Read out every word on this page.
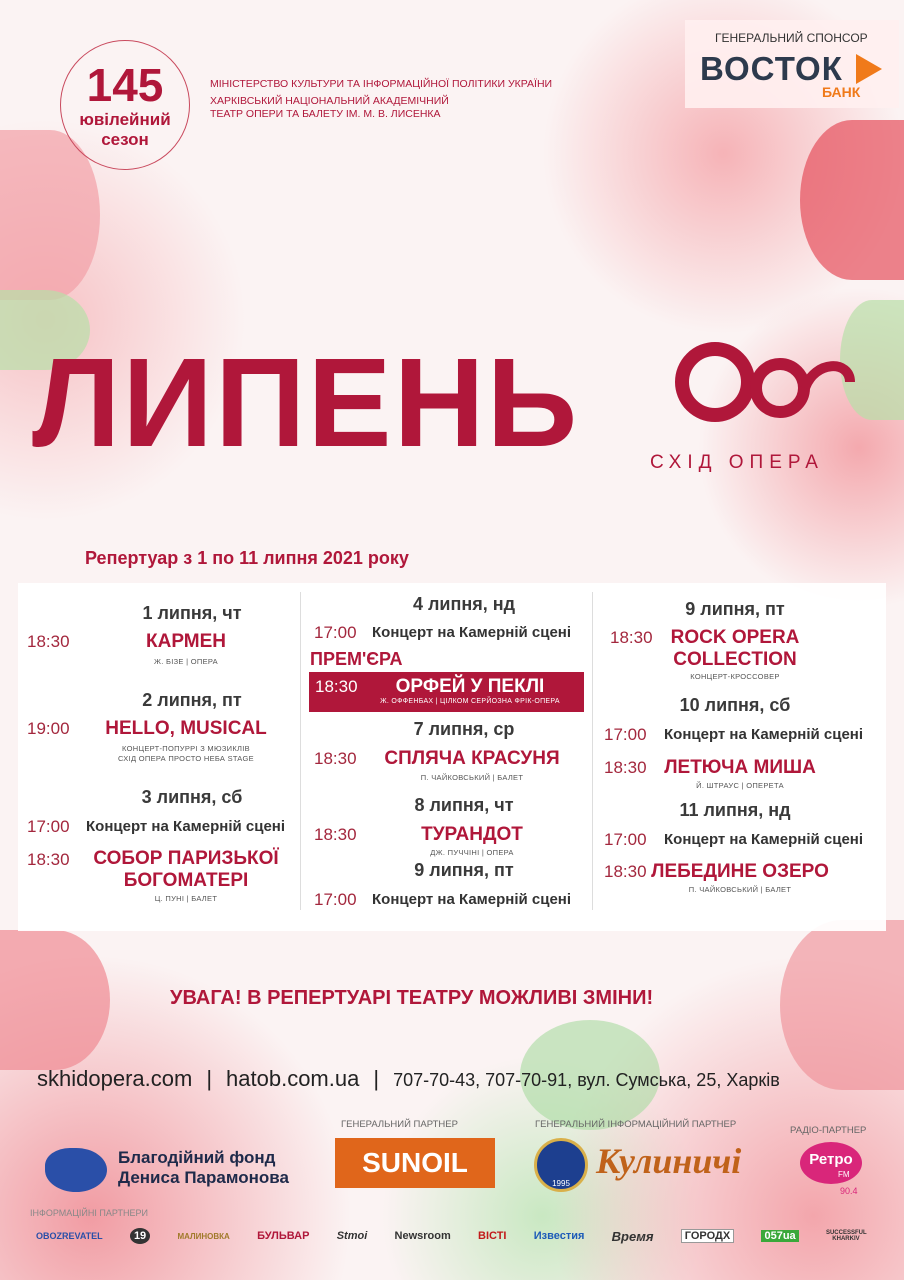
145
ювілейний
сезон
МІНІСТЕРСТВО КУЛЬТУРИ ТА ІНФОРМАЦІЙНОЇ ПОЛІТИКИ УКРАЇНИ
ХАРКІВСЬКИЙ НАЦІОНАЛЬНИЙ АКАДЕМІЧНИЙ
ТЕАТР ОПЕРИ ТА БАЛЕТУ ІМ. М. В. ЛИСЕНКА
ГЕНЕРАЛЬНИЙ СПОНСОР
ВОСТОК
БАНК
ЛИПЕНЬ	СХІД ОПЕРА
Репертуар з 1 по 11 липня 2021 року
1 липня, чт
18:30	КАРМЕН
Ж. БІЗЕ | ОПЕРА
2 липня, пт
19:00	HELLO, MUSICAL
КОНЦЕРТ-ПОПУРРІ З МЮЗИКЛІВ
СХІД ОПЕРА ПРОСТО НЕБА STAGE
3 липня, сб
17:00 Концерт на Камерній сцені
18:30	СОБОР ПАРИЗЬКОЇ
БОГОМАТЕРІ
Ц. ПУНІ | БАЛЕТ
4 липня, нд
17:00 Концерт на Камерній сцені
ПРЕМ'ЄРА
18:30	ОРФЕЙ У ПЕКЛІ
Ж. ОФФЕНБАХ | ЦІЛКОМ СЕРЙОЗНА ФРІК-ОПЕРА
7 липня, ср
18:30	СПЛЯЧА КРАСУНЯ
П. ЧАЙКОВСЬКИЙ | БАЛЕТ
8 липня, чт
18:30	ТУРАНДОТ
ДЖ. ПУЧЧІНІ | ОПЕРА
9 липня, пт
17:00 Концерт на Камерній сцені
9 липня, пт
18:30 ROCK OPERA
COLLECTION
КОНЦЕРТ-КРОССОВЕР
10 липня, сб
17:00 Концерт на Камерній сцені
18:30 ЛЕТЮЧА МИША
Й. ШТРАУС | ОПЕРЕТА
11 липня, нд
17:00 Концерт на Камерній сцені
18:30 ЛЕБЕДИНЕ ОЗЕРО
П. ЧАЙКОВСЬКИЙ | БАЛЕТ
УВАГА! В РЕПЕРТУАРІ ТЕАТРУ МОЖЛИВІ ЗМІНИ!
skhidopera.com | hatob.com.ua | 707-70-43, 707-70-91, вул. Сумська, 25, Харків
Благодійний фонд
Дениса Парамонова
ГЕНЕРАЛЬНИЙ ПАРТНЕР
SUNOIL
ГЕНЕРАЛЬНИЙ ІНФОРМАЦІЙНИЙ ПАРТНЕР
1995
Кулиничі
РАДІО-ПАРТНЕР
Ретро
FM
90.4
ІНФОРМАЦІЙНІ ПАРТНЕРИ
OBOZREVATEL	19	МАЛИНОВКА БУЛЬВАР Stmoi Newsroom ВІСТІ Известия Время	ГОРОДХ	057ua	SUCCESSFUL KHARKIV
